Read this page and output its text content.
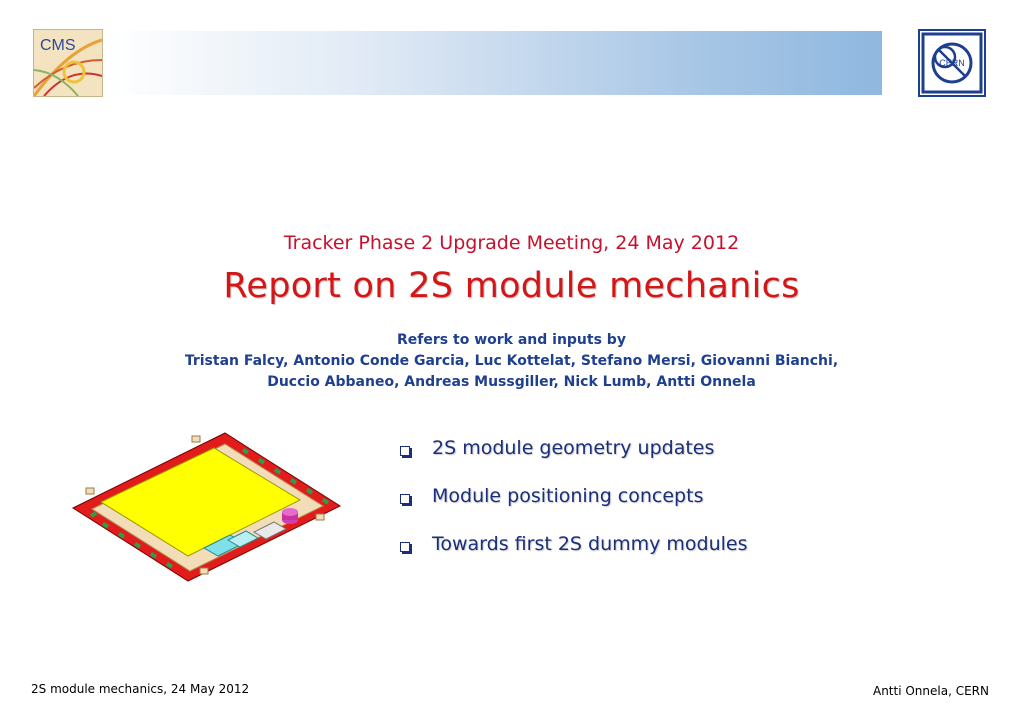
CMS
CERN
Tracker Phase 2 Upgrade Meeting, 24 May 2012
Report on 2S module mechanics
Refers to work and inputs by
Tristan Falcy, Antonio Conde Garcia, Luc Kottelat, Stefano Mersi, Giovanni Bianchi,
Duccio Abbaneo, Andreas Mussgiller, Nick Lumb, Antti Onnela
2S module geometry updates
Module positioning concepts
Towards first 2S dummy modules
2S module mechanics, 24 May 2012	Antti Onnela, CERN
